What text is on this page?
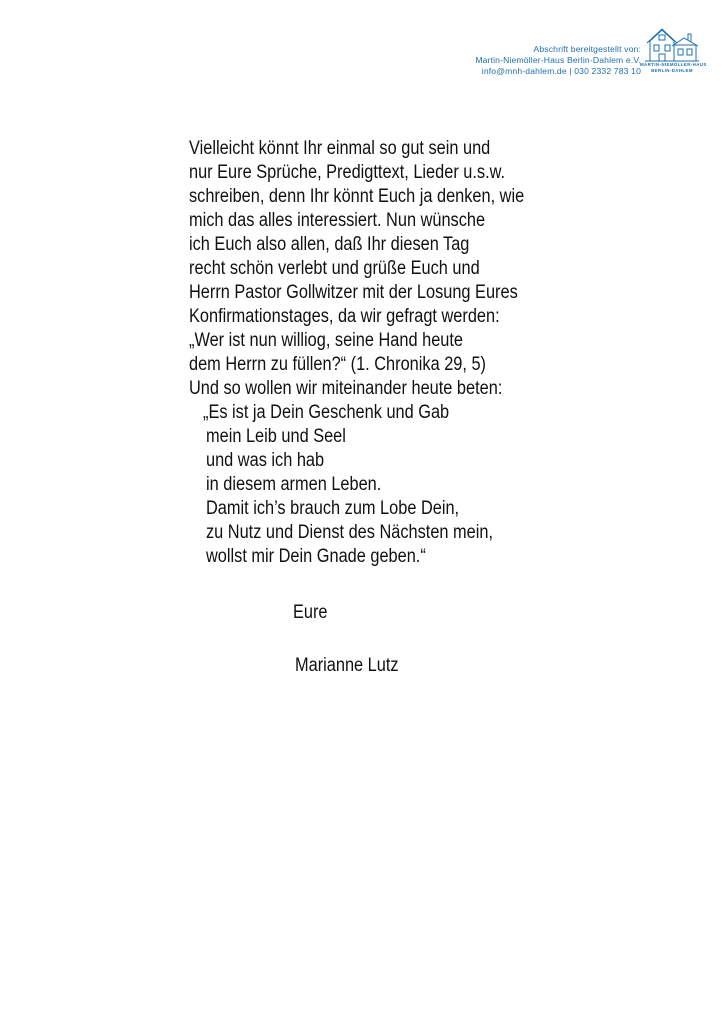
Abschrift bereitgestellt von:
Martin-Niemöller-Haus Berlin-Dahlem e.V.
info@mnh-dahlem.de | 030 2332 783 10
MARTIN-NIEMÖLLER-HAUS
BERLIN-DAHLEM
Vielleicht könnt Ihr einmal so gut sein und
nur Eure Sprüche, Predigttext, Lieder u.s.w.
schreiben, denn Ihr könnt Euch ja denken, wie
mich das alles interessiert. Nun wünsche
ich Euch also allen, daß Ihr diesen Tag
recht schön verlebt und grüße Euch und
Herrn Pastor Gollwitzer mit der Losung Eures
Konfirmationstages, da wir gefragt werden:
„Wer ist nun williog, seine Hand heute
dem Herrn zu füllen?“ (1. Chronika 29, 5)
Und so wollen wir miteinander heute beten:
„Es ist ja Dein Geschenk und Gab
mein Leib und Seel
und was ich hab
in diesem armen Leben.
Damit ich’s brauch zum Lobe Dein,
zu Nutz und Dienst des Nächsten mein,
wollst mir Dein Gnade geben.“
Eure
Marianne Lutz
